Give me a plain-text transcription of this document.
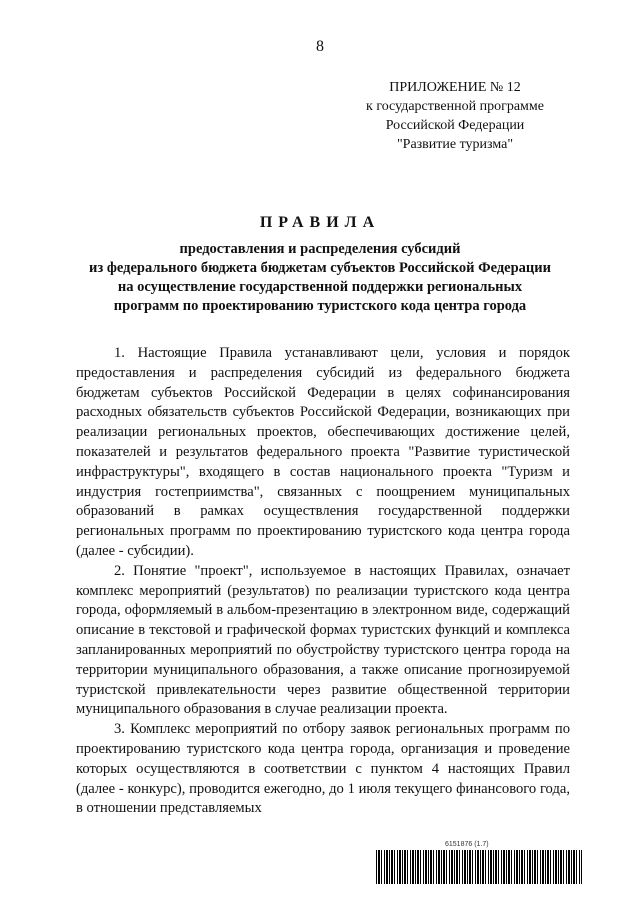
8
ПРИЛОЖЕНИЕ № 12
к государственной программе
Российской Федерации
"Развитие туризма"
ПРАВИЛА
предоставления и распределения субсидий
из федерального бюджета бюджетам субъектов Российской Федерации
на осуществление государственной поддержки региональных
программ по проектированию туристского кода центра города

1. Настоящие Правила устанавливают цели, условия и порядок предоставления и распределения субсидий из федерального бюджета бюджетам субъектов Российской Федерации в целях софинансирования расходных обязательств субъектов Российской Федерации, возникающих при реализации региональных проектов, обеспечивающих достижение целей, показателей и результатов федерального проекта "Развитие туристической инфраструктуры", входящего в состав национального проекта "Туризм и индустрия гостеприимства", связанных с поощрением муниципальных образований в рамках осуществления государственной поддержки региональных программ по проектированию туристского кода центра города (далее - субсидии).

2. Понятие "проект", используемое в настоящих Правилах, означает комплекс мероприятий (результатов) по реализации туристского кода центра города, оформляемый в альбом-презентацию в электронном виде, содержащий описание в текстовой и графической формах туристских функций и комплекса запланированных мероприятий по обустройству туристского центра города на территории муниципального образования, а также описание прогнозируемой туристской привлекательности через развитие общественной территории муниципального образования в случае реализации проекта.

3. Комплекс мероприятий по отбору заявок региональных программ по проектированию туристского кода центра города, организация и проведение которых осуществляются в соответствии с пунктом 4 настоящих Правил (далее - конкурс), проводится ежегодно, до 1 июля текущего финансового года, в отношении представляемых

6151876 (1.7)
